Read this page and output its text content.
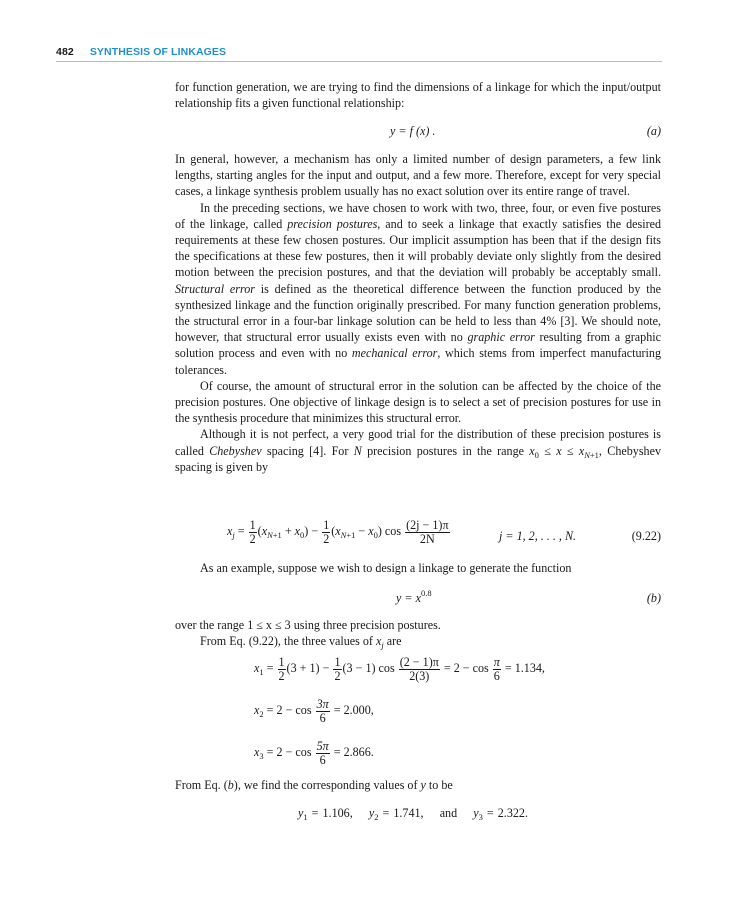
482 SYNTHESIS OF LINKAGES

for function generation, we are trying to find the dimensions of a linkage for which the input/output relationship fits a given functional relationship:

y = f (x) .	(a)

In general, however, a mechanism has only a limited number of design parameters, a few link lengths, starting angles for the input and output, and a few more. Therefore, except for very special cases, a linkage synthesis problem usually has no exact solution over its entire range of travel.

In the preceding sections, we have chosen to work with two, three, four, or even five postures of the linkage, called precision postures, and to seek a linkage that exactly satisfies the desired requirements at these few chosen postures. Our implicit assumption has been that if the design fits the specifications at these few postures, then it will probably deviate only slightly from the desired motion between the precision postures, and that the deviation will probably be acceptably small. Structural error is defined as the theoretical difference between the function produced by the synthesized linkage and the function originally prescribed. For many function generation problems, the structural error in a four-bar linkage solution can be held to less than 4% [3]. We should note, however, that structural error usually exists even with no graphic error resulting from a graphic solution process and even with no mechanical error, which stems from imperfect manufacturing tolerances.

Of course, the amount of structural error in the solution can be affected by the choice of the precision postures. One objective of linkage design is to select a set of precision postures for use in the synthesis procedure that minimizes this structural error.

Although it is not perfect, a very good trial for the distribution of these precision postures is called Chebyshev spacing [4]. For N precision postures in the range $x_0 \le x \le x_{N+1}$, Chebyshev spacing is given by

$x_j = \frac{1}{2} (x_{N+1} + x_0) - \frac{1}{2} (x_{N+1} - x_0)$ $\cos \frac{(2j - 1)\pi}{2N}$	j = 1, 2, . . . , N.	(9.22)

As an example, suppose we wish to design a linkage to generate the function

$y = x^{0.8}$	(b)

over the range 1 ≤ x ≤ 3 using three precision postures.

From Eq. (9.22), the three values of $x_j$ are

$x_1 = \frac{1}{2} (3 + 1) - \frac{1}{2} (3 - 1)$ $\cos \frac{(2 - 1)\pi}{2(3)} = 2 - \cos \frac{\pi}{6} = 1.134$,
$x_2 = 2 - \cos \frac{3\pi}{6} = 2.000$,
$x_3 = 2 - \cos \frac{5\pi}{6} = 2.866$.

From Eq. (b), we find the corresponding values of y to be

$y_1 = 1.106$, $y_2 = 1.741$, and $y_3 = 2.322$.
